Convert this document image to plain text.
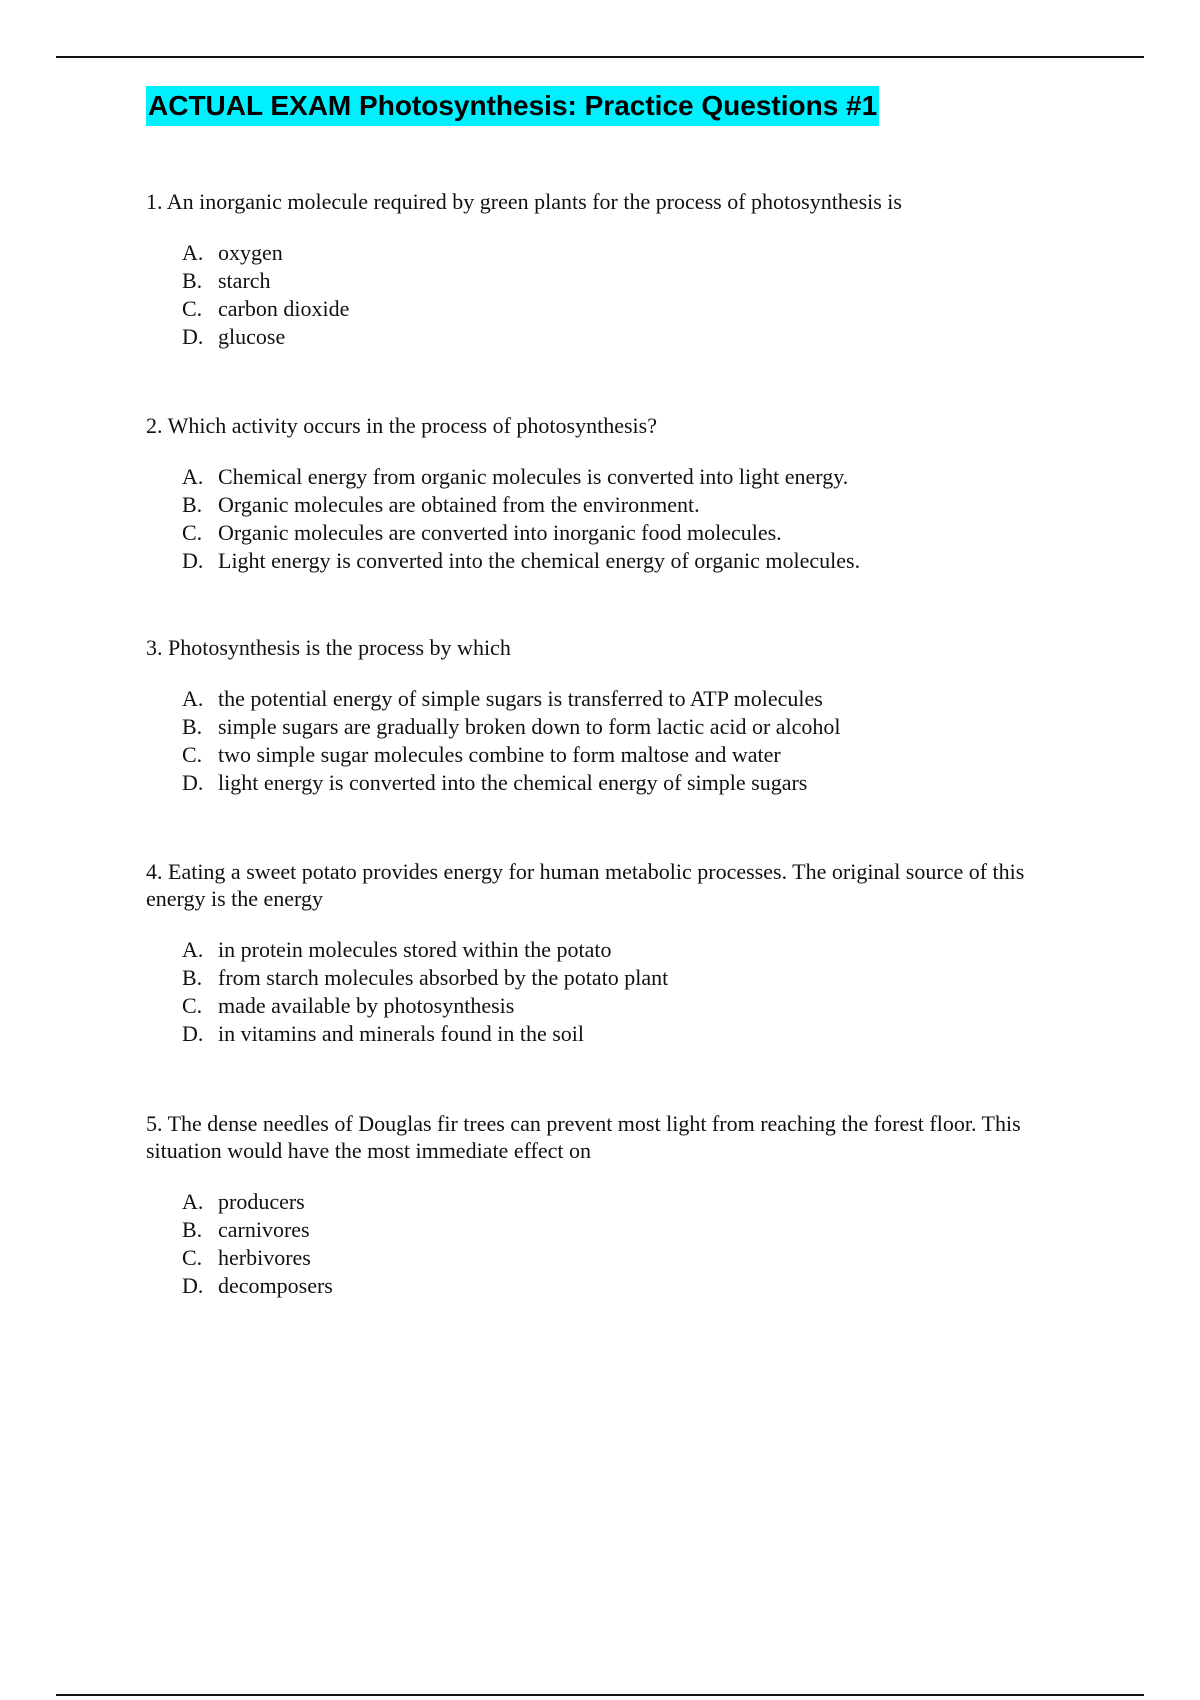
ACTUAL EXAM Photosynthesis: Practice Questions #1

1. An inorganic molecule required by green plants for the process of photosynthesis is

A. oxygen
B. starch
C. carbon dioxide
D. glucose

2. Which activity occurs in the process of photosynthesis?

A. Chemical energy from organic molecules is converted into light energy.
B. Organic molecules are obtained from the environment.
C. Organic molecules are converted into inorganic food molecules.
D. Light energy is converted into the chemical energy of organic molecules.

3. Photosynthesis is the process by which

A. the potential energy of simple sugars is transferred to ATP molecules
B. simple sugars are gradually broken down to form lactic acid or alcohol
C. two simple sugar molecules combine to form maltose and water
D. light energy is converted into the chemical energy of simple sugars

4. Eating a sweet potato provides energy for human metabolic processes. The original source of this energy is the energy

A. in protein molecules stored within the potato
B. from starch molecules absorbed by the potato plant
C. made available by photosynthesis
D. in vitamins and minerals found in the soil

5. The dense needles of Douglas fir trees can prevent most light from reaching the forest floor. This situation would have the most immediate effect on

A. producers
B. carnivores
C. herbivores
D. decomposers
